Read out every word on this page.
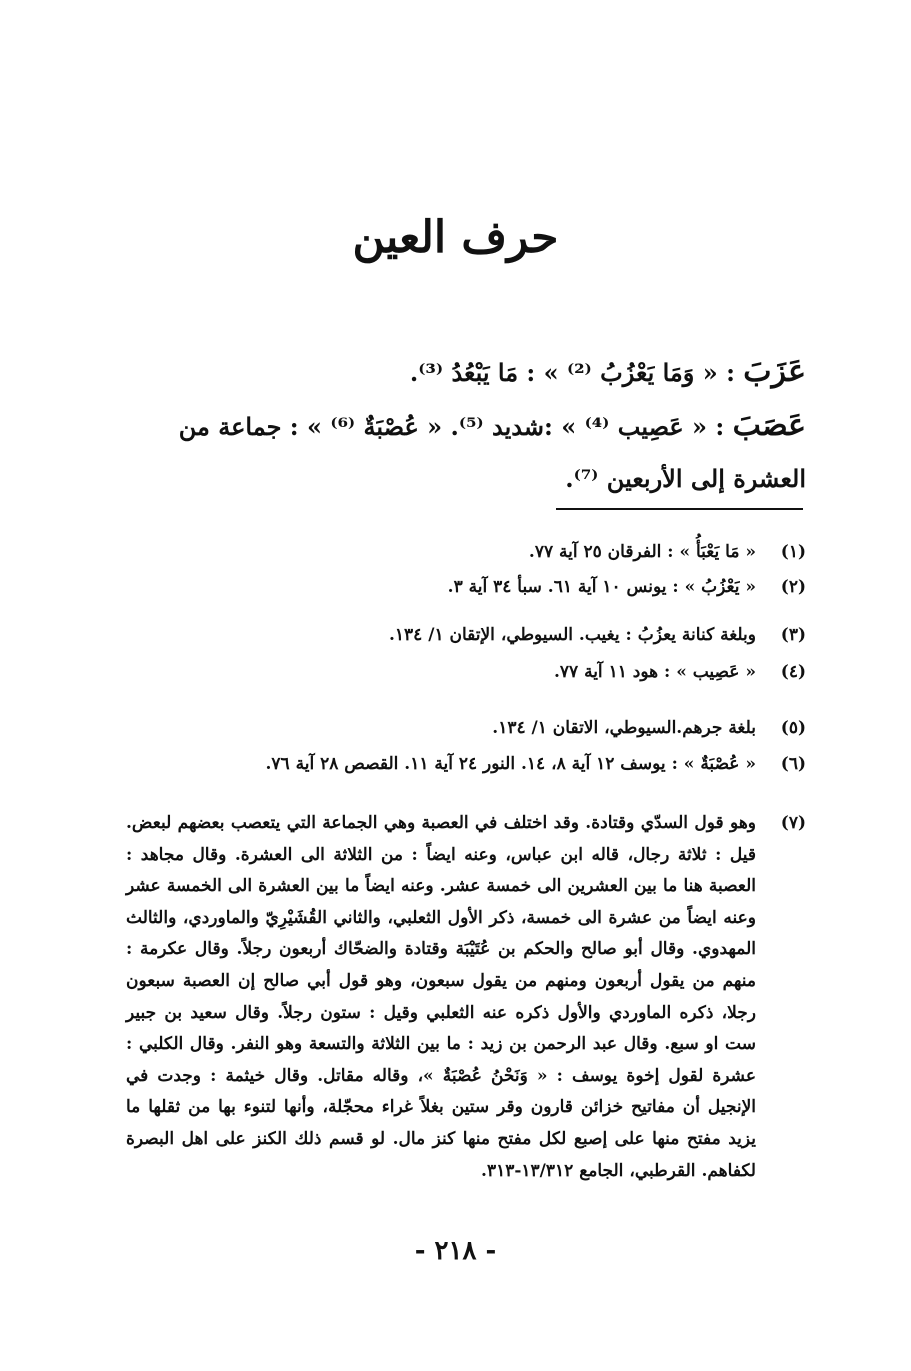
حرف العين
عَزَبَ : « وَمَا يَعْزُبُ ⁽²⁾ » : مَا يَبْعُدُ ⁽³⁾.
عَصَبَ : « عَصِيب ⁽⁴⁾ » :شديد ⁽⁵⁾. « عُصْبَةٌ ⁽⁶⁾ » : جماعة من العشرة إلى الأربعين ⁽⁷⁾.
(١)
« مَا يَعْبَأُ » : الفرقان ٢٥ آية ٧٧.
(٢)
« يَعْزُبُ » : يونس ١٠ آية ٦١. سبأ ٣٤ آية ٣.
(٣)
وبلغة كنانة يعزُبُ : يغيب. السيوطي، الإتقان ١/ ١٣٤.
(٤)
« عَصِيب » : هود ١١ آية ٧٧.
(٥)
بلغة جرهم.السيوطي، الاتقان ١/ ١٣٤.
(٦)
« عُصْبَةٌ » : يوسف ١٢ آية ٨، ١٤. النور ٢٤ آية ١١. القصص ٢٨ آية ٧٦.
(٧)
وهو قول السدّي وقتادة. وقد اختلف في العصبة وهي الجماعة التي يتعصب بعضهم لبعض. قيل : ثلاثة رجال، قاله ابن عباس، وعنه ايضاً : من الثلاثة الى العشرة. وقال مجاهد : العصبة هنا ما بين العشرين الى خمسة عشر. وعنه ايضاً ما بين العشرة الى الخمسة عشر وعنه ايضاً من عشرة الى خمسة، ذكر الأول الثعلبي، والثاني القُشَيْرِيّ والماوردي، والثالث المهدوي. وقال أبو صالح والحكم بن عُتَيْبَة وقتادة والضحّاك أربعون رجلاً. وقال عكرمة : منهم من يقول أربعون ومنهم من يقول سبعون، وهو قول أبي صالح إن العصبة سبعون رجلا، ذكره الماوردي والأول ذكره عنه الثعلبي وقيل : ستون رجلاً. وقال سعيد بن جبير ست او سبع. وقال عبد الرحمن بن زيد : ما بين الثلاثة والتسعة وهو النفر. وقال الكلبي : عشرة لقول إخوة يوسف : « وَنَحْنُ عُصْبَةٌ »، وقاله مقاتل. وقال خيثمة : وجدت في الإنجيل أن مفاتيح خزائن قارون وقر ستين بغلاً غراء محجّلة، وأنها لتنوء بها من ثقلها ما يزيد مفتح منها على إصبع لكل مفتح منها كنز مال. لو قسم ذلك الكنز على اهل البصرة لكفاهم. القرطبي، الجامع ١٣/٣١٢-٣١٣.
- ٢١٨ -
